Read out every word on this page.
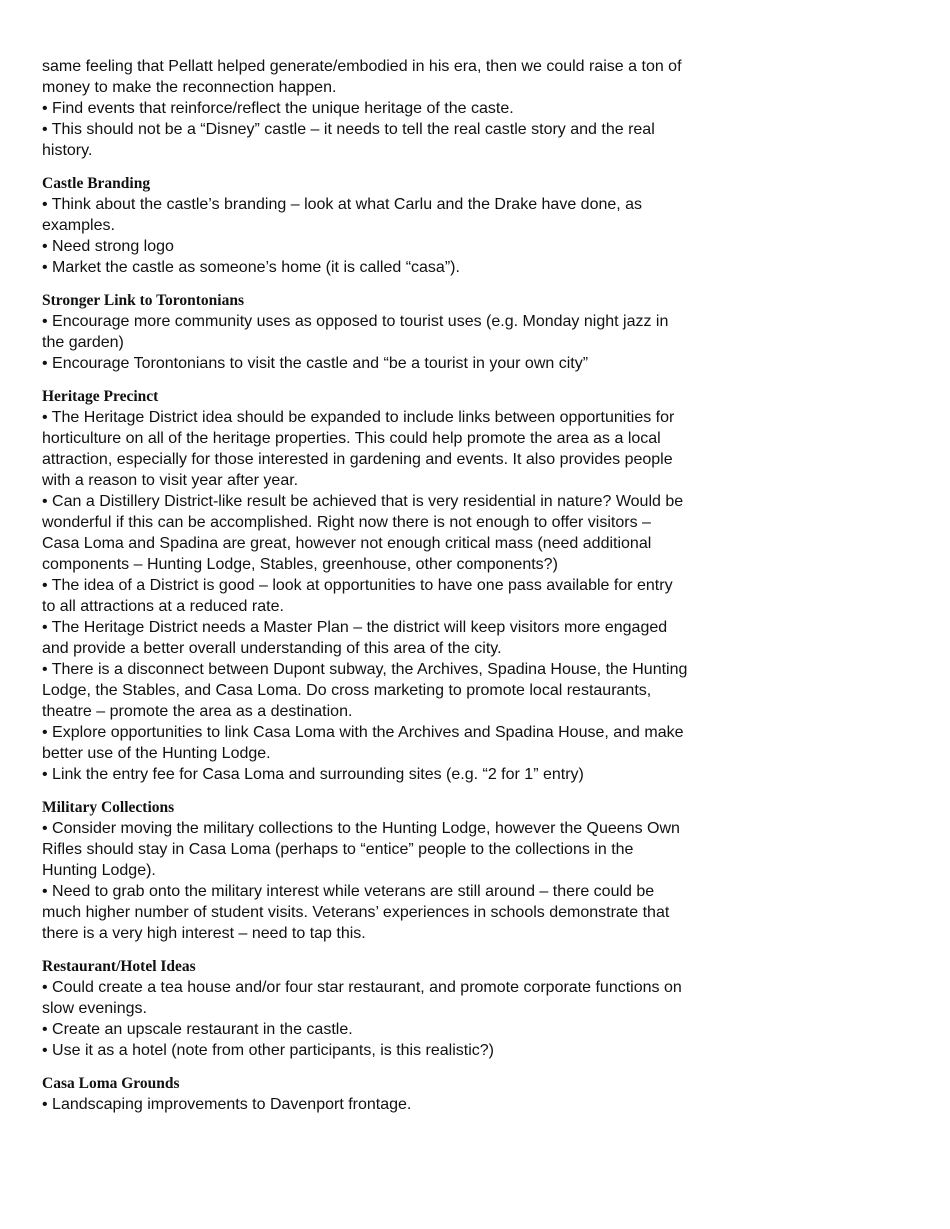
same feeling that Pellatt helped generate/embodied in his era, then we could raise a ton of money to make the reconnection happen.

• Find events that reinforce/reflect the unique heritage of the caste.

• This should not be a “Disney” castle – it needs to tell the real castle story and the real history.

Castle Branding

• Think about the castle’s branding – look at what Carlu and the Drake have done, as examples.

• Need strong logo

• Market the castle as someone’s home (it is called “casa”).

Stronger Link to Torontonians

• Encourage more community uses as opposed to tourist uses (e.g. Monday night jazz in the garden)

• Encourage Torontonians to visit the castle and “be a tourist in your own city”

Heritage Precinct

• The Heritage District idea should be expanded to include links between opportunities for horticulture on all of the heritage properties. This could help promote the area as a local attraction, especially for those interested in gardening and events. It also provides people with a reason to visit year after year.

• Can a Distillery District-like result be achieved that is very residential in nature? Would be wonderful if this can be accomplished. Right now there is not enough to offer visitors – Casa Loma and Spadina are great, however not enough critical mass (need additional components – Hunting Lodge, Stables, greenhouse, other components?)

• The idea of a District is good – look at opportunities to have one pass available for entry to all attractions at a reduced rate.

• The Heritage District needs a Master Plan – the district will keep visitors more engaged and provide a better overall understanding of this area of the city.

• There is a disconnect between Dupont subway, the Archives, Spadina House, the Hunting Lodge, the Stables, and Casa Loma. Do cross marketing to promote local restaurants, theatre – promote the area as a destination.

• Explore opportunities to link Casa Loma with the Archives and Spadina House, and make better use of the Hunting Lodge.

• Link the entry fee for Casa Loma and surrounding sites (e.g. “2 for 1” entry)

Military Collections

• Consider moving the military collections to the Hunting Lodge, however the Queens Own Rifles should stay in Casa Loma (perhaps to “entice” people to the collections in the Hunting Lodge).

• Need to grab onto the military interest while veterans are still around – there could be much higher number of student visits. Veterans’ experiences in schools demonstrate that there is a very high interest – need to tap this.

Restaurant/Hotel Ideas

• Could create a tea house and/or four star restaurant, and promote corporate functions on slow evenings.

• Create an upscale restaurant in the castle.

• Use it as a hotel (note from other participants, is this realistic?)

Casa Loma Grounds

• Landscaping improvements to Davenport frontage.
